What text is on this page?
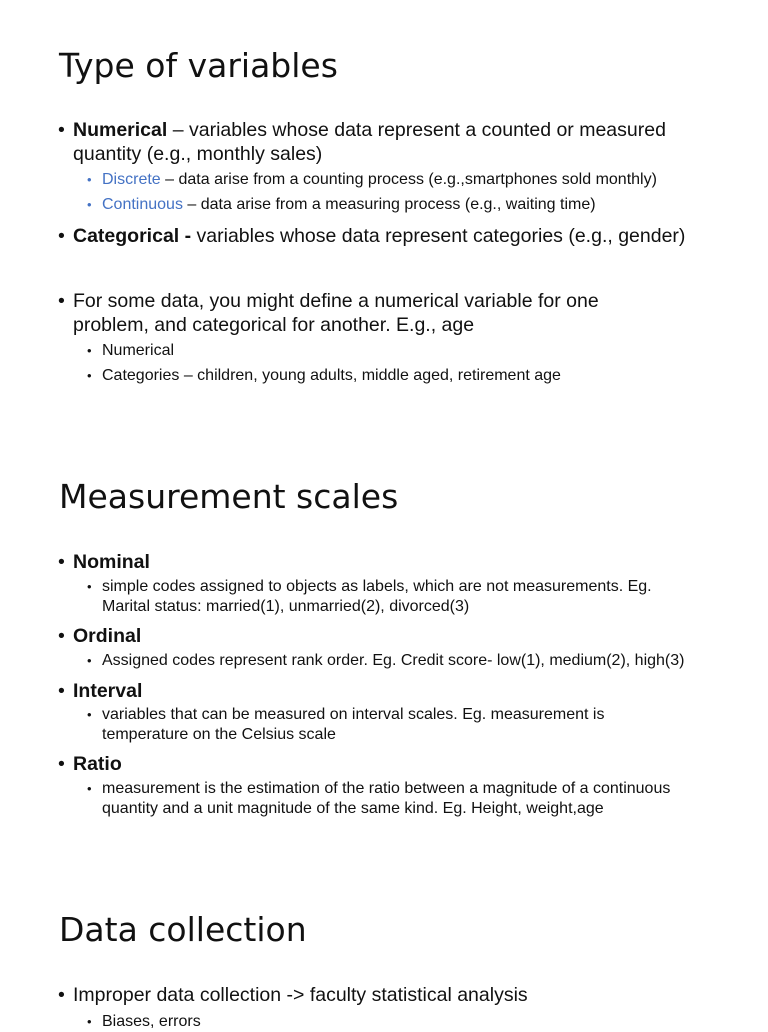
Type of variables
• Numerical – variables whose data represent a counted or measured
quantity (e.g., monthly sales)
• Discrete – data arise from a counting process (e.g.,smartphones sold monthly)
• Continuous – data arise from a measuring process (e.g., waiting time)
• Categorical - variables whose data represent categories (e.g., gender)
• For some data, you might define a numerical variable for one
problem, and categorical for another. E.g., age
• Numerical
• Categories – children, young adults, middle aged, retirement age
Measurement scales
• Nominal
• simple codes assigned to objects as labels, which are not measurements. Eg.
Marital status: married(1), unmarried(2), divorced(3)
• Ordinal
• Assigned codes represent rank order. Eg. Credit score- low(1), medium(2), high(3)
• Interval
• variables that can be measured on interval scales. Eg. measurement is
temperature on the Celsius scale
• Ratio
• measurement is the estimation of the ratio between a magnitude of a continuous
quantity and a unit magnitude of the same kind. Eg. Height, weight,age
Data collection
• Improper data collection -> faculty statistical analysis
• Biases, errors
